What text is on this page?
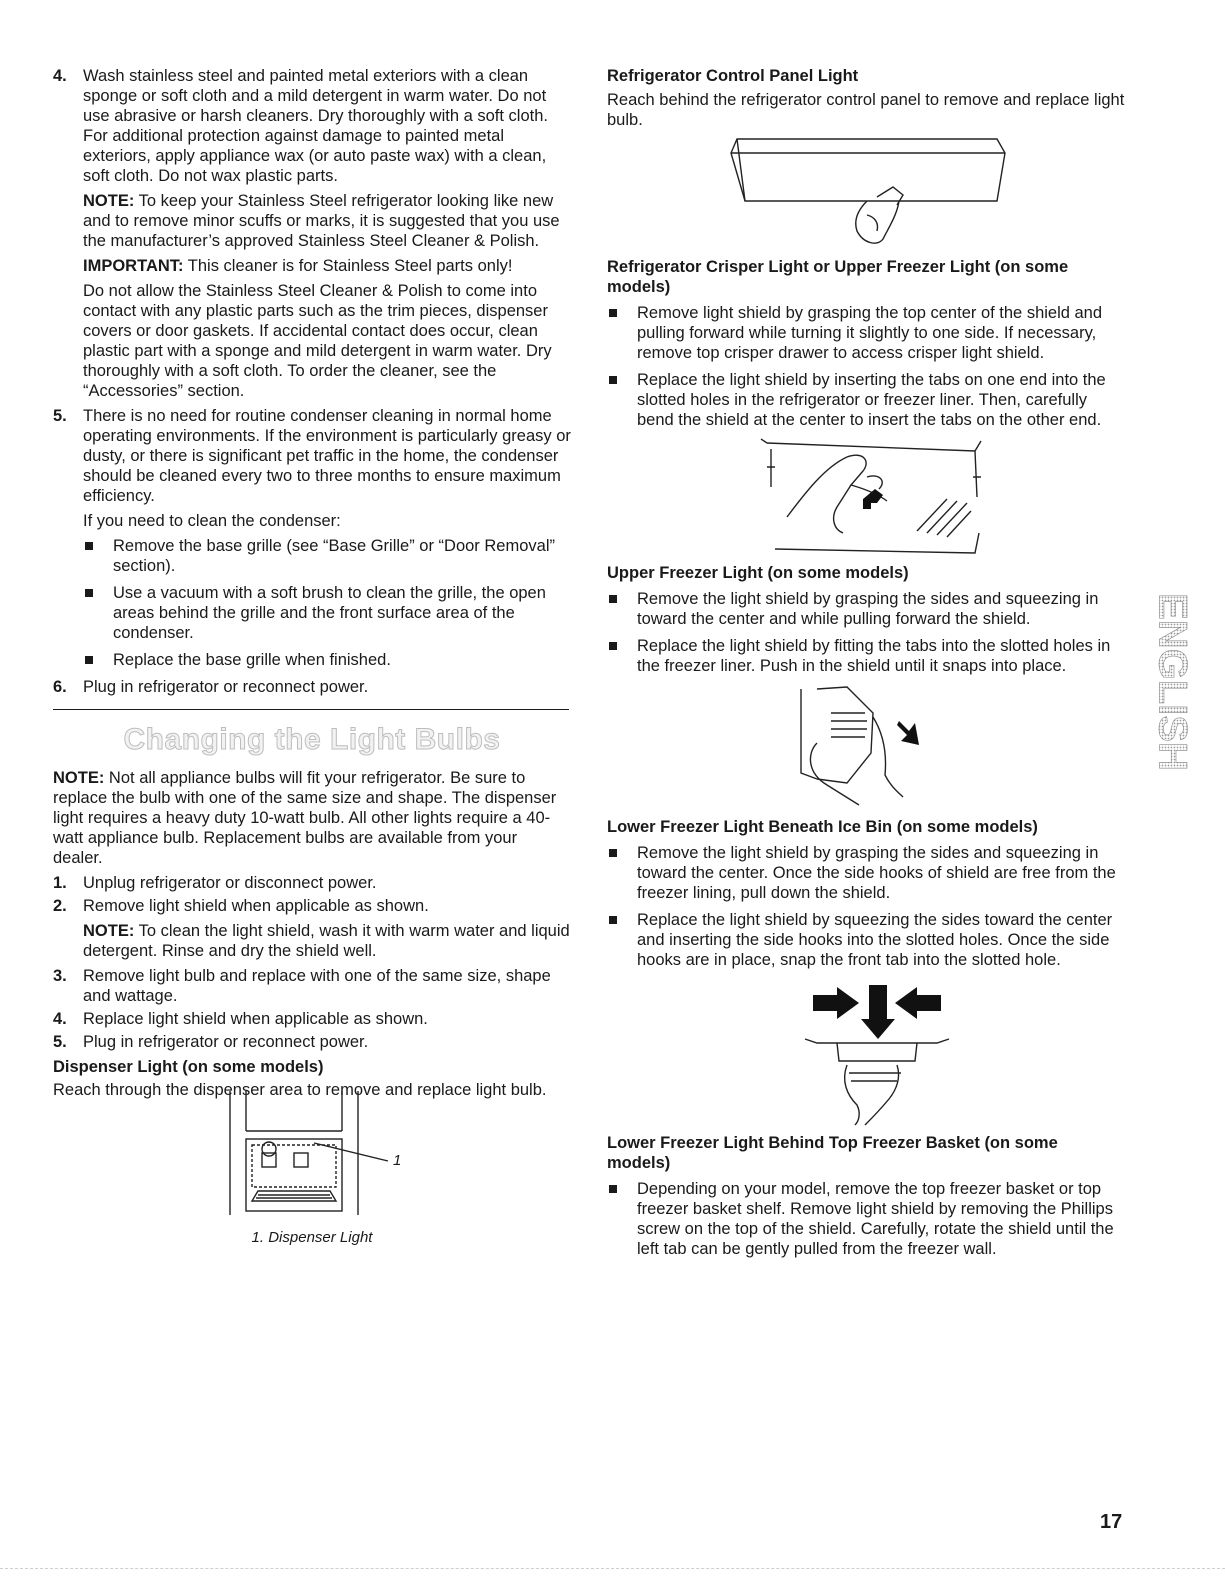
4. Wash stainless steel and painted metal exteriors with a clean sponge or soft cloth and a mild detergent in warm water. Do not use abrasive or harsh cleaners. Dry thoroughly with a soft cloth. For additional protection against damage to painted metal exteriors, apply appliance wax (or auto paste wax) with a clean, soft cloth. Do not wax plastic parts.

NOTE: To keep your Stainless Steel refrigerator looking like new and to remove minor scuffs or marks, it is suggested that you use the manufacturer’s approved Stainless Steel Cleaner & Polish.

IMPORTANT: This cleaner is for Stainless Steel parts only!

Do not allow the Stainless Steel Cleaner & Polish to come into contact with any plastic parts such as the trim pieces, dispenser covers or door gaskets. If accidental contact does occur, clean plastic part with a sponge and mild detergent in warm water. Dry thoroughly with a soft cloth. To order the cleaner, see the “Accessories” section.

5. There is no need for routine condenser cleaning in normal home operating environments. If the environment is particularly greasy or dusty, or there is significant pet traffic in the home, the condenser should be cleaned every two to three months to ensure maximum efficiency.

If you need to clean the condenser:

Remove the base grille (see “Base Grille” or “Door Removal” section).
Use a vacuum with a soft brush to clean the grille, the open areas behind the grille and the front surface area of the condenser.
Replace the base grille when finished.
6. Plug in refrigerator or reconnect power.

Changing the Light Bulbs

NOTE: Not all appliance bulbs will fit your refrigerator. Be sure to replace the bulb with one of the same size and shape. The dispenser light requires a heavy duty 10-watt bulb. All other lights require a 40-watt appliance bulb. Replacement bulbs are available from your dealer.

1. Unplug refrigerator or disconnect power.
2. Remove light shield when applicable as shown.

NOTE: To clean the light shield, wash it with warm water and liquid detergent. Rinse and dry the shield well.

3. Remove light bulb and replace with one of the same size, shape and wattage.
4. Replace light shield when applicable as shown.
5. Plug in refrigerator or reconnect power.
Dispenser Light (on some models)

Reach through the dispenser area to remove and replace light bulb.

1
1. Dispenser Light
Refrigerator Control Panel Light

Reach behind the refrigerator control panel to remove and replace light bulb.

Refrigerator Crisper Light or Upper Freezer Light (on some models)
Remove light shield by grasping the top center of the shield and pulling forward while turning it slightly to one side. If necessary, remove top crisper drawer to access crisper light shield.
Replace the light shield by inserting the tabs on one end into the slotted holes in the refrigerator or freezer liner. Then, carefully bend the shield at the center to insert the tabs on the other end.
Upper Freezer Light (on some models)
Remove the light shield by grasping the sides and squeezing in toward the center and while pulling forward the shield.
Replace the light shield by fitting the tabs into the slotted holes in the freezer liner. Push in the shield until it snaps into place.
Lower Freezer Light Beneath Ice Bin (on some models)
Remove the light shield by grasping the sides and squeezing in toward the center. Once the side hooks of shield are free from the freezer lining, pull down the shield.
Replace the light shield by squeezing the sides toward the center and inserting the side hooks into the slotted holes. Once the side hooks are in place, snap the front tab into the slotted hole.
Lower Freezer Light Behind Top Freezer Basket (on some models)
Depending on your model, remove the top freezer basket or top freezer basket shelf. Remove light shield by removing the Phillips screw on the top of the shield. Carefully, rotate the shield until the left tab can be gently pulled from the freezer wall.
ENGLISH
17
